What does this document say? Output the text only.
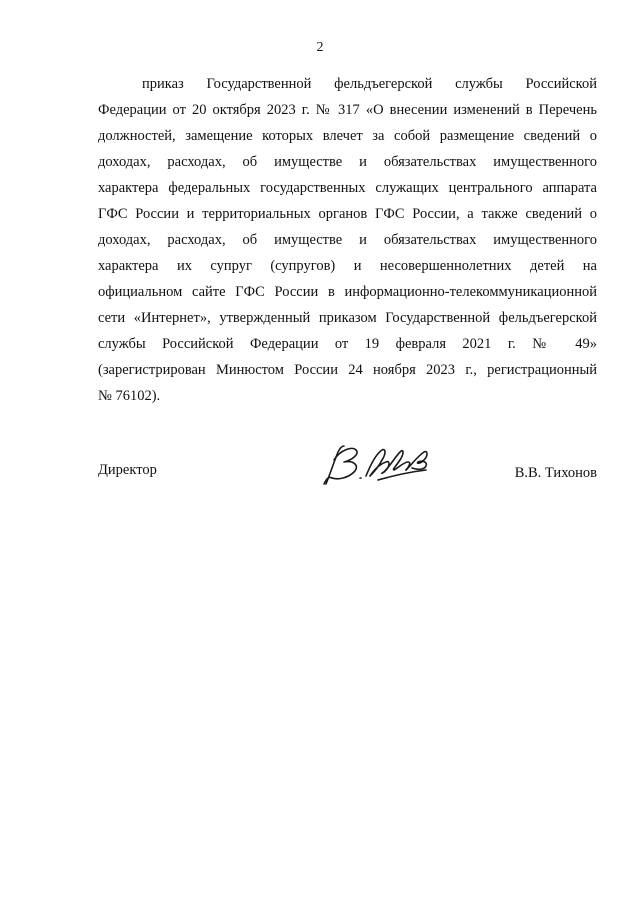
2
приказ Государственной фельдъегерской службы Российской
Федерации от 20 октября 2023 г. № 317 «О внесении изменений в Перечень
должностей, замещение которых влечет за собой размещение сведений о
доходах, расходах, об имуществе и обязательствах имущественного
характера федеральных государственных служащих центрального аппарата
ГФС России и территориальных органов ГФС России, а также сведений о
доходах, расходах, об имуществе и обязательствах имущественного
характера их супруг (супругов) и несовершеннолетних детей на
официальном сайте ГФС России в информационно-телекоммуникационной
сети «Интернет», утвержденный приказом Государственной фельдъегерской
службы Российской Федерации от 19 февраля 2021 г. № 49»
(зарегистрирован Минюстом России 24 ноября 2023 г., регистрационный
№ 76102).
Директор	В.В. Тихонов
